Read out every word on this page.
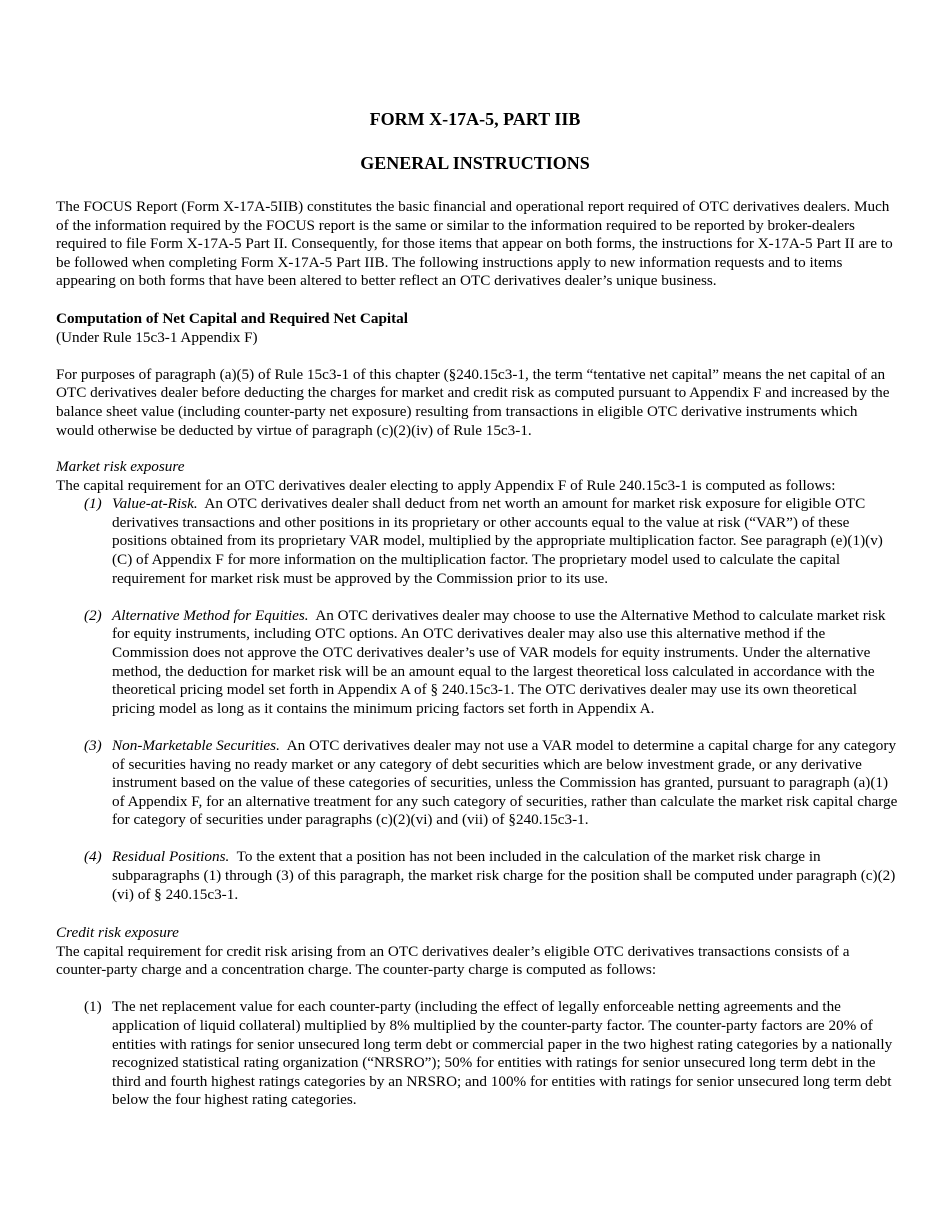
FORM X-17A-5, PART IIB
GENERAL INSTRUCTIONS

The FOCUS Report (Form X-17A-5IIB) constitutes the basic financial and operational report required of OTC derivatives dealers. Much of the information required by the FOCUS report is the same or similar to the information required to be reported by broker-dealers required to file Form X-17A-5 Part II. Consequently, for those items that appear on both forms, the instructions for X-17A-5 Part II are to be followed when completing Form X-17A-5 Part IIB. The following instructions apply to new information requests and to items appearing on both forms that have been altered to better reflect an OTC derivatives dealer’s unique business.

Computation of Net Capital and Required Net Capital

(Under Rule 15c3-1 Appendix F)

For purposes of paragraph (a)(5) of Rule 15c3-1 of this chapter (§240.15c3-1, the term “tentative net capital” means the net capital of an OTC derivatives dealer before deducting the charges for market and credit risk as computed pursuant to Appendix F and increased by the balance sheet value (including counter-party net exposure) resulting from transactions in eligible OTC derivative instruments which would otherwise be deducted by virtue of paragraph (c)(2)(iv) of Rule 15c3-1.

Market risk exposure

The capital requirement for an OTC derivatives dealer electing to apply Appendix F of Rule 240.15c3-1 is computed as follows:

(1) Value-at-Risk. An OTC derivatives dealer shall deduct from net worth an amount for market risk exposure for eligible OTC derivatives transactions and other positions in its proprietary or other accounts equal to the value at risk (“VAR”) of these positions obtained from its proprietary VAR model, multiplied by the appropriate multiplication factor. See paragraph (e)(1)(v)(C) of Appendix F for more information on the multiplication factor. The proprietary model used to calculate the capital requirement for market risk must be approved by the Commission prior to its use.
(2) Alternative Method for Equities. An OTC derivatives dealer may choose to use the Alternative Method to calculate market risk for equity instruments, including OTC options. An OTC derivatives dealer may also use this alternative method if the Commission does not approve the OTC derivatives dealer’s use of VAR models for equity instruments. Under the alternative method, the deduction for market risk will be an amount equal to the largest theoretical loss calculated in accordance with the theoretical pricing model set forth in Appendix A of § 240.15c3-1. The OTC derivatives dealer may use its own theoretical pricing model as long as it contains the minimum pricing factors set forth in Appendix A.
(3) Non-Marketable Securities. An OTC derivatives dealer may not use a VAR model to determine a capital charge for any category of securities having no ready market or any category of debt securities which are below investment grade, or any derivative instrument based on the value of these categories of securities, unless the Commission has granted, pursuant to paragraph (a)(1) of Appendix F, for an alternative treatment for any such category of securities, rather than calculate the market risk capital charge for category of securities under paragraphs (c)(2)(vi) and (vii) of §240.15c3-1.
(4) Residual Positions. To the extent that a position has not been included in the calculation of the market risk charge in subparagraphs (1) through (3) of this paragraph, the market risk charge for the position shall be computed under paragraph (c)(2)(vi) of § 240.15c3-1.

Credit risk exposure

The capital requirement for credit risk arising from an OTC derivatives dealer’s eligible OTC derivatives transactions consists of a counter-party charge and a concentration charge. The counter-party charge is computed as follows:

(1) The net replacement value for each counter-party (including the effect of legally enforceable netting agreements and the application of liquid collateral) multiplied by 8% multiplied by the counter-party factor. The counter-party factors are 20% of entities with ratings for senior unsecured long term debt or commercial paper in the two highest rating categories by a nationally recognized statistical rating organization (“NRSRO”); 50% for entities with ratings for senior unsecured long term debt in the third and fourth highest ratings categories by an NRSRO; and 100% for entities with ratings for senior unsecured long term debt below the four highest rating categories.
